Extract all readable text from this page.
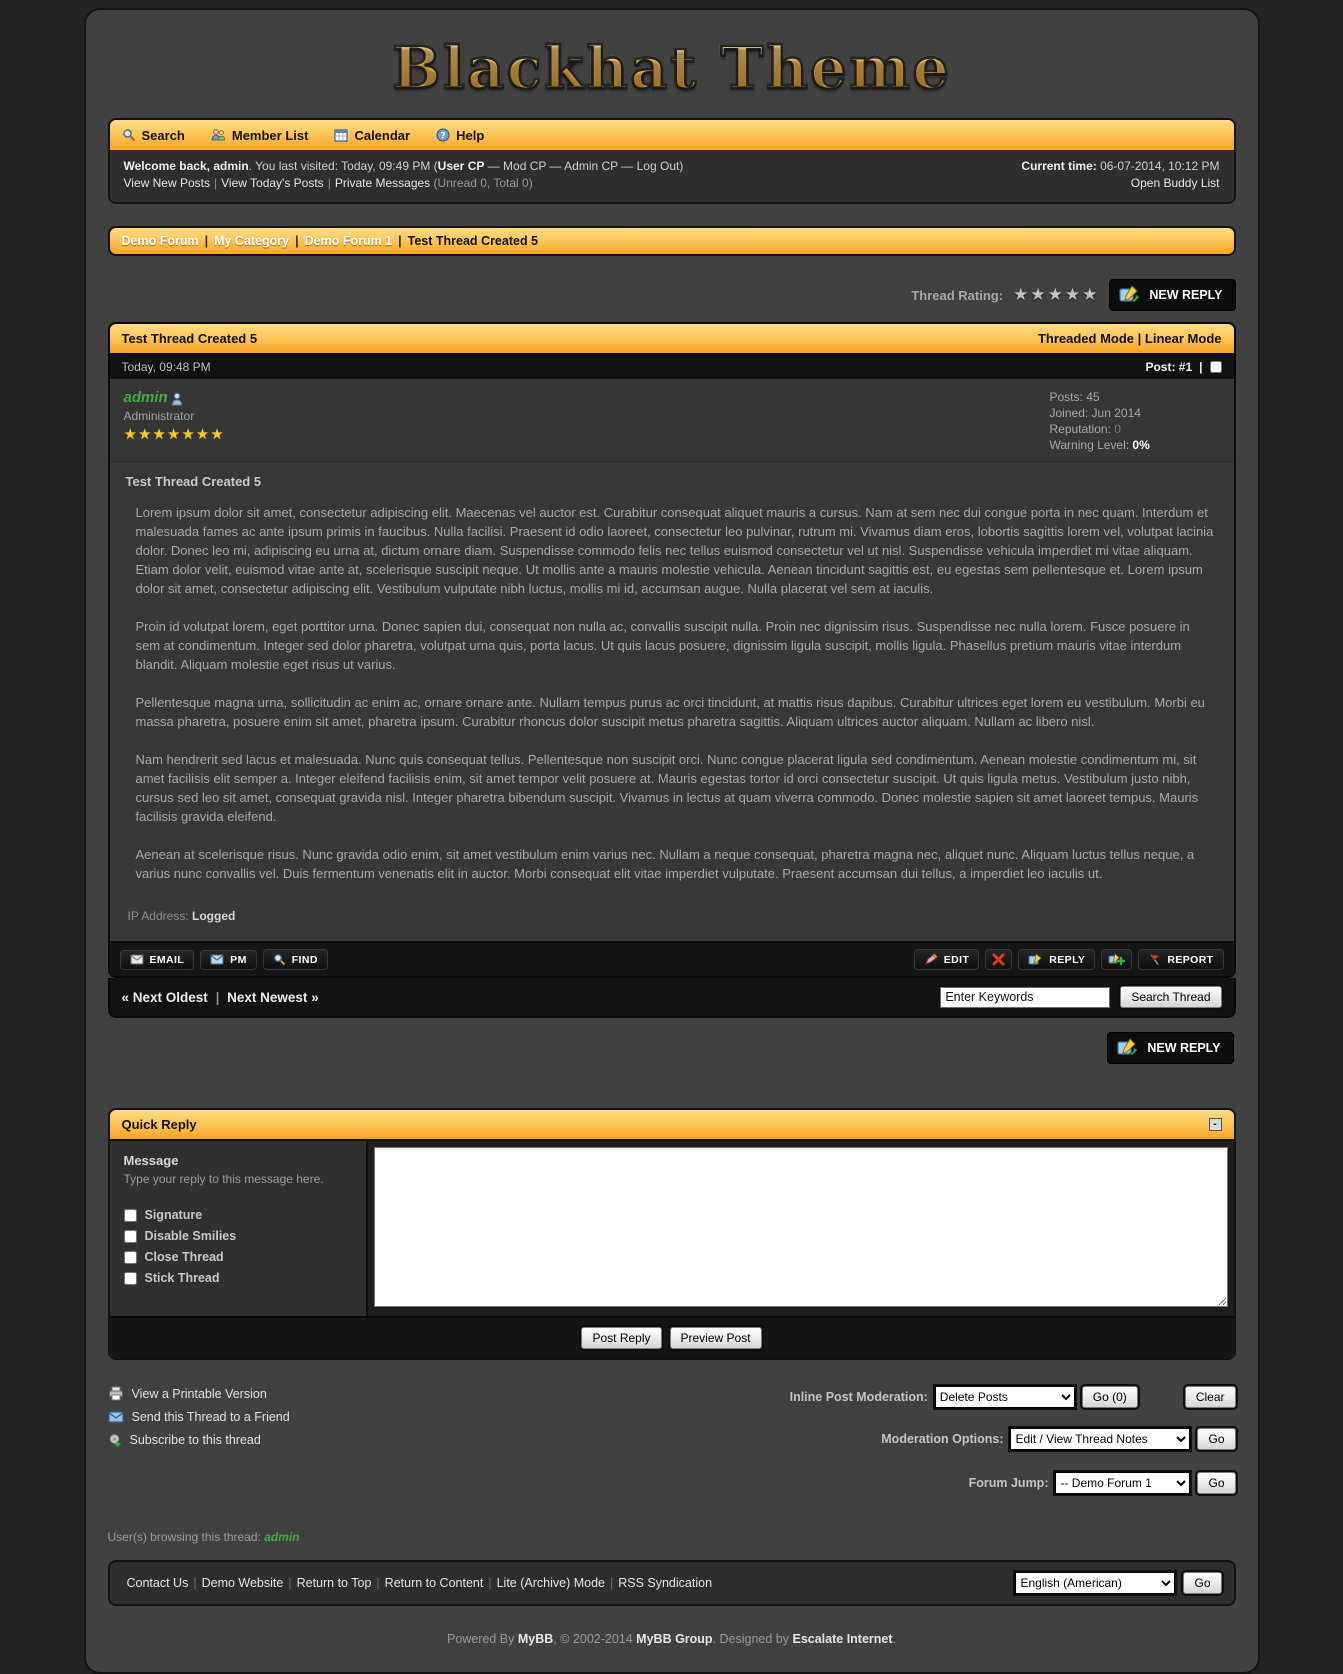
Blackhat Theme
Search	Member List	Calendar	? Help
Welcome back, admin. You last visited: Today, 09:49 PM (User CP — Mod CP — Admin CP — Log Out)
View New Posts | View Today's Posts | Private Messages (Unread 0, Total 0)
Current time: 06-07-2014, 10:12 PM
Open Buddy List
Demo Forum | My Category | Demo Forum 1 | Test Thread Created 5
Thread Rating: ★★★★★	NEW REPLY
Test Thread Created 5	Threaded Mode | Linear Mode
Today, 09:48 PM	Post: #1 |
admin
Administrator
★★★★★★★
Posts: 45
Joined: Jun 2014
Reputation: 0
Warning Level: 0%
Test Thread Created 5

Lorem ipsum dolor sit amet, consectetur adipiscing elit. Maecenas vel auctor est. Curabitur consequat aliquet mauris a cursus. Nam at sem nec dui congue porta in nec quam. Interdum et malesuada fames ac ante ipsum primis in faucibus. Nulla facilisi. Praesent id odio laoreet, consectetur leo pulvinar, rutrum mi. Vivamus diam eros, lobortis sagittis lorem vel, volutpat lacinia dolor. Donec leo mi, adipiscing eu urna at, dictum ornare diam. Suspendisse commodo felis nec tellus euismod consectetur vel ut nisl. Suspendisse vehicula imperdiet mi vitae aliquam. Etiam dolor velit, euismod vitae ante at, scelerisque suscipit neque. Ut mollis ante a mauris molestie vehicula. Aenean tincidunt sagittis est, eu egestas sem pellentesque et. Lorem ipsum dolor sit amet, consectetur adipiscing elit. Vestibulum vulputate nibh luctus, mollis mi id, accumsan augue. Nulla placerat vel sem at iaculis.

Proin id volutpat lorem, eget porttitor urna. Donec sapien dui, consequat non nulla ac, convallis suscipit nulla. Proin nec dignissim risus. Suspendisse nec nulla lorem. Fusce posuere in sem at condimentum. Integer sed dolor pharetra, volutpat urna quis, porta lacus. Ut quis lacus posuere, dignissim ligula suscipit, mollis ligula. Phasellus pretium mauris vitae interdum blandit. Aliquam molestie eget risus ut varius.

Pellentesque magna urna, sollicitudin ac enim ac, ornare ornare ante. Nullam tempus purus ac orci tincidunt, at mattis risus dapibus. Curabitur ultrices eget lorem eu vestibulum. Morbi eu massa pharetra, posuere enim sit amet, pharetra ipsum. Curabitur rhoncus dolor suscipit metus pharetra sagittis. Aliquam ultrices auctor aliquam. Nullam ac libero nisl.

Nam hendrerit sed lacus et malesuada. Nunc quis consequat tellus. Pellentesque non suscipit orci. Nunc congue placerat ligula sed condimentum. Aenean molestie condimentum mi, sit amet facilisis elit semper a. Integer eleifend facilisis enim, sit amet tempor velit posuere at. Mauris egestas tortor id orci consectetur suscipit. Ut quis ligula metus. Vestibulum justo nibh, cursus sed leo sit amet, consequat gravida nisl. Integer pharetra bibendum suscipit. Vivamus in lectus at quam viverra commodo. Donec molestie sapien sit amet laoreet tempus. Mauris facilisis gravida eleifend.

Aenean at scelerisque risus. Nunc gravida odio enim, sit amet vestibulum enim varius nec. Nullam a neque consequat, pharetra magna nec, aliquet nunc. Aliquam luctus tellus neque, a varius nunc convallis vel. Duis fermentum venenatis elit in auctor. Morbi consequat elit vitae imperdiet vulputate. Praesent accumsan dui tellus, a imperdiet leo iaculis ut.

IP Address: Logged
EMAIL	PM	FIND	EDIT	REPLY	REPORT
« Next Oldest | Next Newest »
Enter Keywords	Search Thread
NEW REPLY
Quick Reply	-
Message
Type your reply to this message here.
Signature
Disable Smilies
Close Thread
Stick Thread
Post Reply	Preview Post
View a Printable Version
Send this Thread to a Friend
Subscribe to this thread
Inline Post Moderation:
Delete Posts	Go (0)	Clear
Moderation Options:
Edit / View Thread Notes	Go
Forum Jump:
-- Demo Forum 1	Go
User(s) browsing this thread: admin
Contact Us | Demo Website | Return to Top | Return to Content | Lite (Archive) Mode | RSS Syndication
English (American)	Go
Powered By MyBB, © 2002-2014 MyBB Group. Designed by Escalate Internet.
